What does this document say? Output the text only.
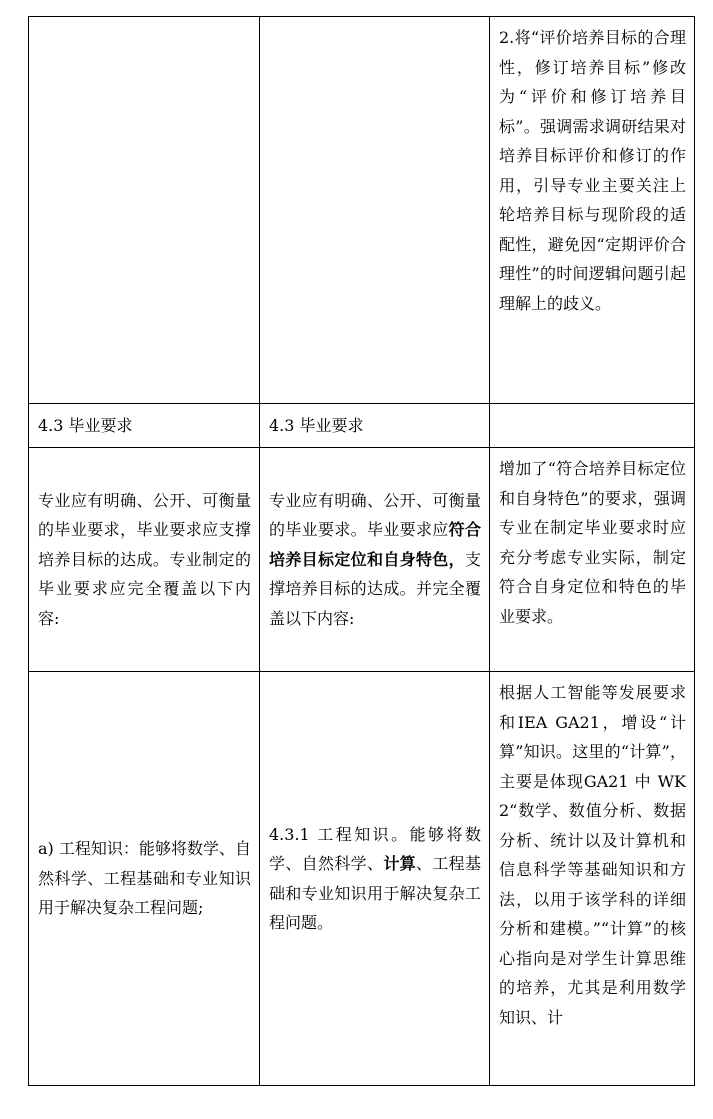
		2.将“评价培养目标的合理性，修订培养目标”修改为“评价和修订培养目标”。强调需求调研结果对培养目标评价和修订的作用，引导专业主要关注上轮培养目标与现阶段的适配性，避免因“定期评价合理性”的时间逻辑问题引起理解上的歧义。
4.3 毕业要求	4.3 毕业要求	
专业应有明确、公开、可衡量的毕业要求，毕业要求应支撑培养目标的达成。专业制定的毕业要求应完全覆盖以下内容:	专业应有明确、公开、可衡量的毕业要求。毕业要求应符合培养目标定位和自身特色，支撑培养目标的达成。并完全覆盖以下内容:	增加了“符合培养目标定位和自身特色”的要求，强调专业在制定毕业要求时应充分考虑专业实际，制定符合自身定位和特色的毕业要求。
a) 工程知识：能够将数学、自然科学、工程基础和专业知识用于解决复杂工程问题;	4.3.1 工程知识。能够将数学、自然科学、计算、工程基础和专业知识用于解决复杂工程问题。	根据人工智能等发展要求和IEA GA21，增设“计算”知识。这里的“计算”，主要是体现GA21 中 WK2“数学、数值分析、数据分析、统计以及计算机和信息科学等基础知识和方法，以用于该学科的详细分析和建模。”“计算”的核心指向是对学生计算思维的培养，尤其是利用数学知识、计
